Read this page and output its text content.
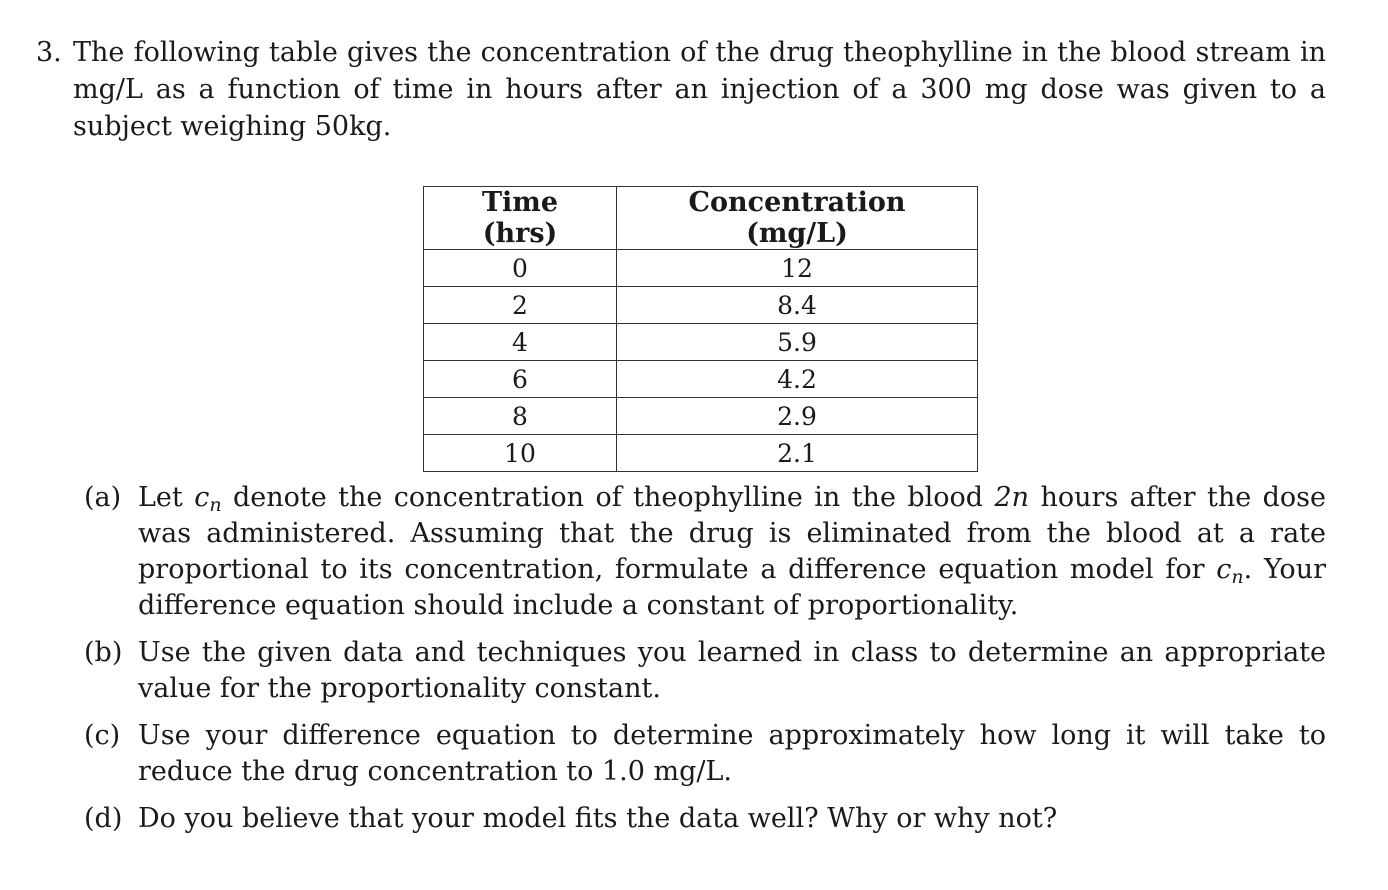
3. The following table gives the concentration of the drug theophylline in the blood stream in mg/L as a function of time in hours after an injection of a 300 mg dose was given to a subject weighing 50kg.
Time (hrs)	Concentration (mg/L)
0	12
2	8.4
4	5.9
6	4.2
8	2.9
10	2.1
(a) Let $c_n$ denote the concentration of theophylline in the blood 2n hours after the dose was administered. Assuming that the drug is eliminated from the blood at a rate proportional to its concentration, formulate a difference equation model for $c_n$. Your difference equation should include a constant of proportionality.
(b) Use the given data and techniques you learned in class to determine an appropriate value for the proportionality constant.
(c) Use your difference equation to determine approximately how long it will take to reduce the drug concentration to 1.0 mg/L.
(d) Do you believe that your model fits the data well? Why or why not?
